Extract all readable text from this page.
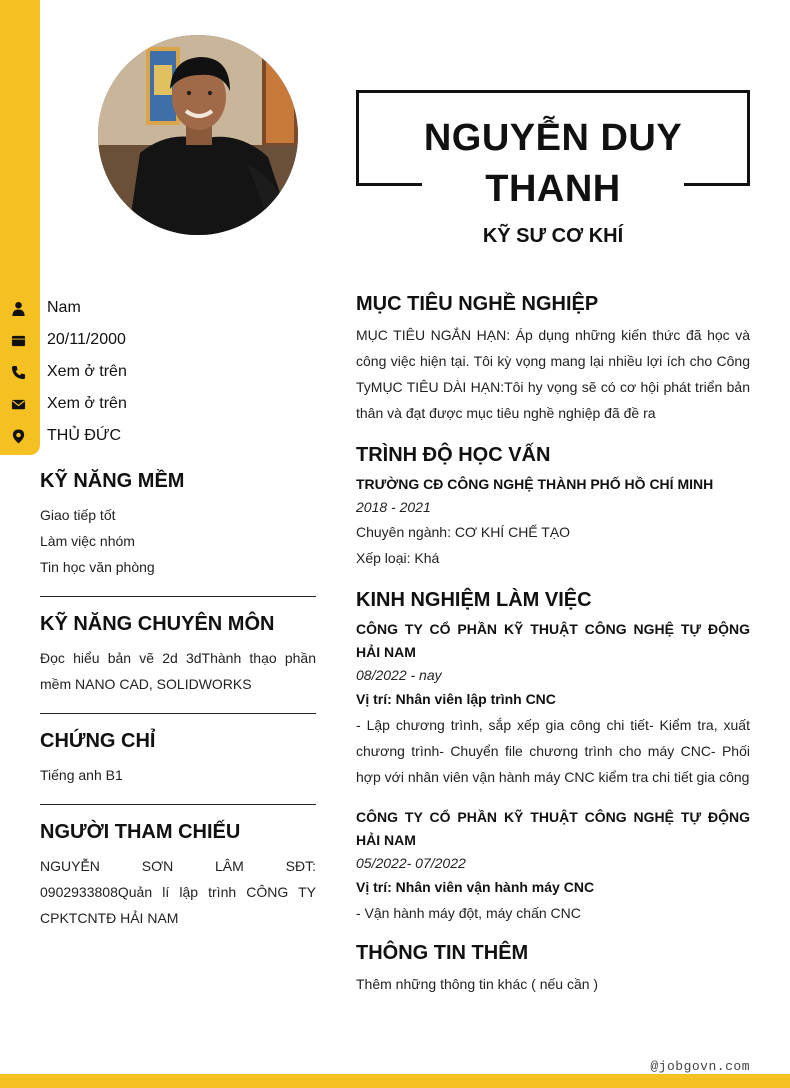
NGUYỄN DUY THANH
KỸ SƯ CƠ KHÍ
Nam
20/11/2000
Xem ở trên
Xem ở trên
THỦ ĐỨC
KỸ NĂNG MỀM
Giao tiếp tốt
Làm việc nhóm
Tin học văn phòng
KỸ NĂNG CHUYÊN MÔN
Đọc hiểu bản vẽ 2d 3dThành thạo phần mềm NANO CAD, SOLIDWORKS
CHỨNG CHỈ
Tiếng anh B1
NGƯỜI THAM CHIẾU
NGUYỄN SƠN LÂM SĐT: 0902933808Quản lí lập trình CÔNG TY CPKTCNTĐ HẢI NAM
MỤC TIÊU NGHỀ NGHIỆP
MỤC TIÊU NGẮN HẠN: Áp dụng những kiến thức đã học và công việc hiện tại. Tôi kỳ vọng mang lại nhiều lợi ích cho Công TyMỤC TIÊU DÀI HẠN:Tôi hy vọng sẽ có cơ hội phát triển bản thân và đạt được mục tiêu nghề nghiệp đã đề ra
TRÌNH ĐỘ HỌC VẤN
TRƯỜNG CĐ CÔNG NGHỆ THÀNH PHỐ HỒ CHÍ MINH
2018 - 2021
Chuyên ngành: CƠ KHÍ CHẾ TẠO
Xếp loại: Khá
KINH NGHIỆM LÀM VIỆC
CÔNG TY CỔ PHẦN KỸ THUẬT CÔNG NGHỆ TỰ ĐỘNG HẢI NAM
08/2022 - nay
Vị trí: Nhân viên lập trình CNC
- Lập chương trình, sắp xếp gia công chi tiết- Kiểm tra, xuất chương trình- Chuyển file chương trình cho máy CNC- Phối hợp với nhân viên vận hành máy CNC kiểm tra chi tiết gia công
CÔNG TY CỔ PHẦN KỸ THUẬT CÔNG NGHỆ TỰ ĐỘNG HẢI NAM
05/2022- 07/2022
Vị trí: Nhân viên vận hành máy CNC
- Vận hành máy đột, máy chấn CNC
THÔNG TIN THÊM
Thêm những thông tin khác ( nếu cần )
@jobgovn.com
